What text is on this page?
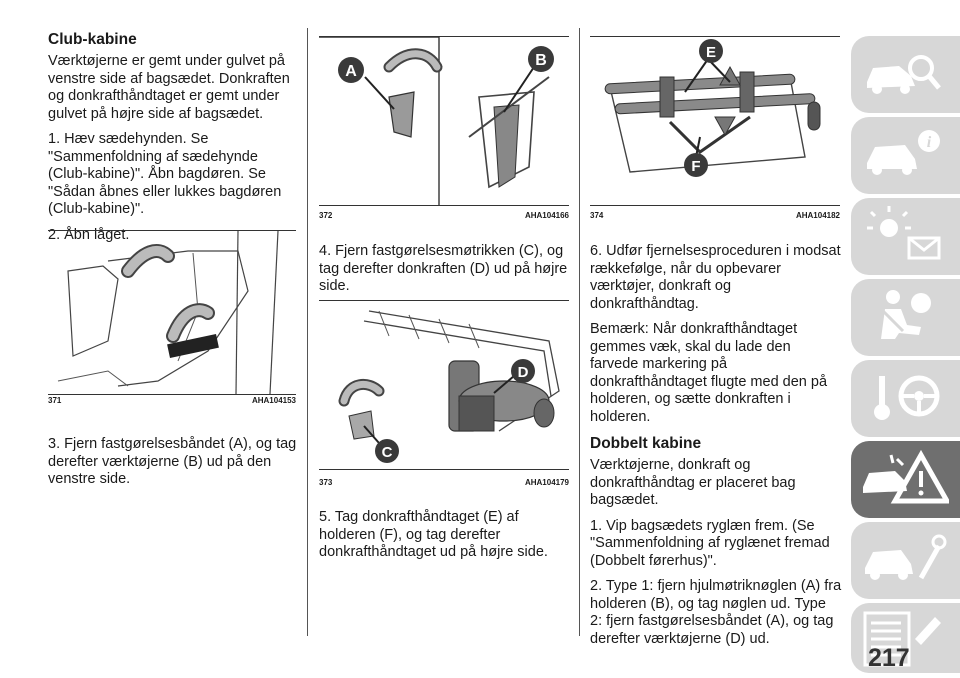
Club-kabine

Værktøjerne er gemt under gulvet på venstre side af bagsædet. Donkraften og donkrafthåndtaget er gemt under gulvet på højre side af bagsædet.

1. Hæv sædehynden. Se "Sammenfoldning af sædehynde (Club-kabine)". Åbn bagdøren. Se "Sådan åbnes eller lukkes bagdøren (Club-kabine)".

2. Åbn låget.

371	AHA104153

3. Fjern fastgørelsesbåndet (A), og tag derefter værktøjerne (B) ud på den venstre side.

A
B
372	AHA104166

4. Fjern fastgørelsesmøtrikken (C), og tag derefter donkraften (D) ud på højre side.

D
C
373	AHA104179

5. Tag donkrafthåndtaget (E) af holderen (F), og tag derefter donkrafthåndtaget ud på højre side.

E
F
374	AHA104182

6. Udfør fjernelsesproceduren i modsat rækkefølge, når du opbevarer værktøjer, donkraft og donkrafthåndtag.

Bemærk: Når donkrafthåndtaget gemmes væk, skal du lade den farvede markering på donkrafthåndtaget flugte med den på holderen, og sætte donkraften i holderen.

Dobbelt kabine

Værktøjerne, donkraft og donkrafthåndtag er placeret bag bagsædet.

1. Vip bagsædets ryglæn frem. (Se "Sammenfoldning af ryglænet fremad (Dobbelt førerhus)".

2. Type 1: fjern hjulmøtriknøglen (A) fra holderen (B), og tag nøglen ud. Type 2: fjern fastgørelsesbåndet (A), og tag derefter værktøjerne (D) ud.

i
217
